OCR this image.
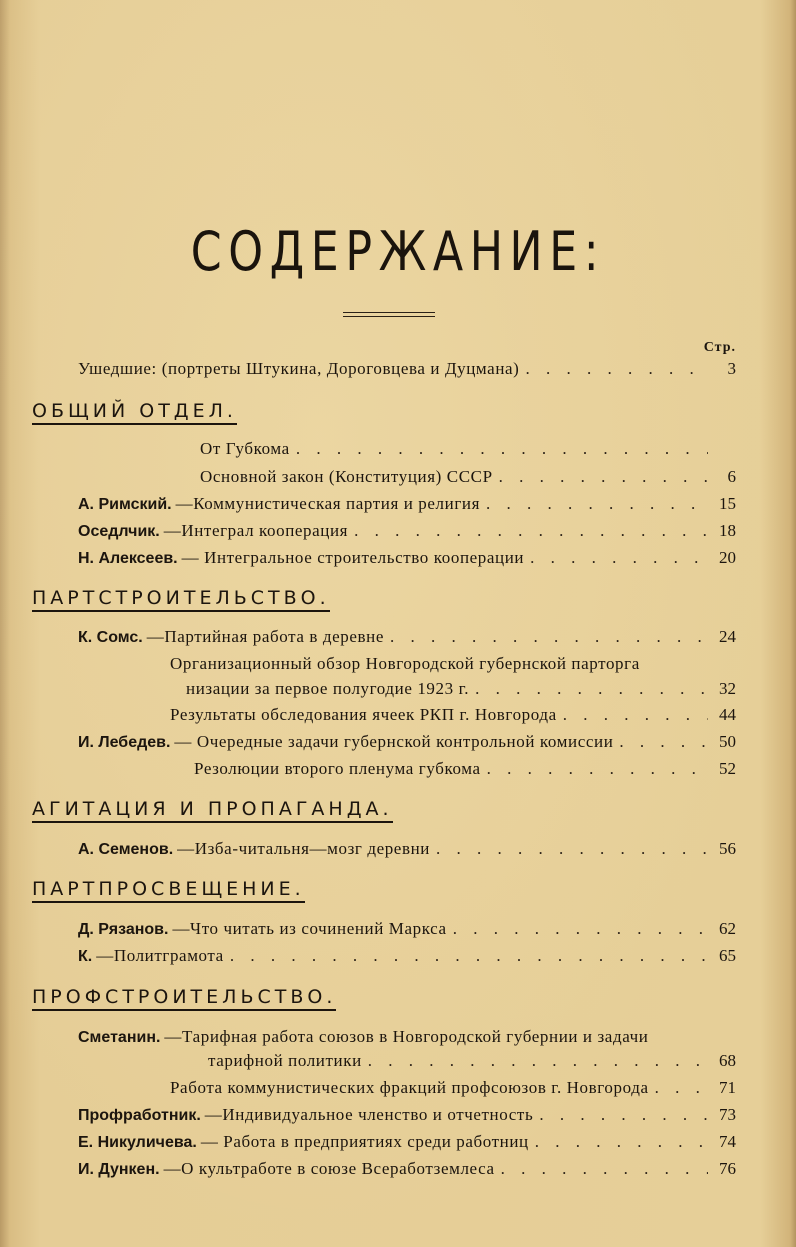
СОДЕРЖАНИЕ:
Стр.
Ушедшие: (портреты Штукина, Дороговцева и Дуцмана) . . .	3
ОБЩИЙ ОТДЕЛ.
От Губкома
. . .
Основной закон (Конституция) СССР . . .	6
А. Римский. —Коммунистическая партия и религия . . .	15
Оседлчик. —Интеграл кооперация . . .	18
Н. Алексеев. — Интегральное строительство кооперации . . .	20
ПАРТСТРОИТЕЛЬСТВО.
К. Сомс. —Партийная работа в деревне . . .	24
Организационный обзор Новгородской губернской парторга
низации за первое полугодие 1923 г. . . .	32
Результаты обследования ячеек РКП г. Новгорода . . .	44
И. Лебедев. — Очередные задачи губернской контрольной комиссии . . .	50
Резолюции второго пленума губкома . . .	52
АГИТАЦИЯ И ПРОПАГАНДА.
А. Семенов. —Изба-читальня—мозг деревни . . .	56
ПАРТПРОСВЕЩЕНИЕ.
Д. Рязанов. —Что читать из сочинений Маркса . . .	62
К. —Политграмота . . .	65
ПРОФСТРОИТЕЛЬСТВО.
Сметанин. —Тарифная работа союзов в Новгородской губернии и задачи
тарифной политики . . .	68
Работа коммунистических фракций профсоюзов г. Новгорода . . .	71
Профработник. —Индивидуальное членство и отчетность . . .	73
Е. Никуличева. — Работа в предприятиях среди работниц . . .	74
И. Дункен. —О культработе в союзе Всеработземлеса . . .	76
